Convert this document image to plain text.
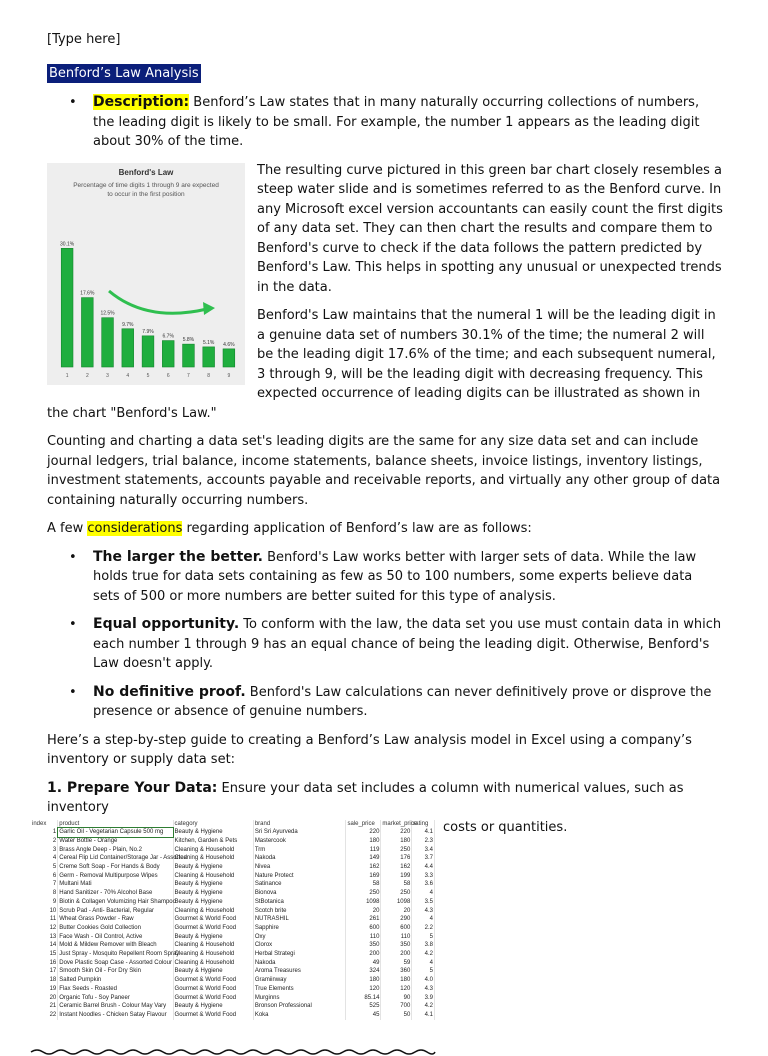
[Type here]

Benford’s Law Analysis
• Description: Benford’s Law states that in many naturally occurring collections of numbers, the leading digit is likely to be small. For example, the number 1 appears as the leading digit about 30% of the time.
Benford's Law
Percentage of time digits 1 through 9 are expected
to occur in the first position
30.1%
1
17.6%
2
12.5%
3
9.7%
4
7.9%
5
6.7%
6
5.8%
7
5.1%
8
4.6%
9

The resulting curve pictured in this green bar chart closely resembles a steep water slide and is sometimes referred to as the Benford curve. In any Microsoft excel version accountants can easily count the first digits of any data set. They can then chart the results and compare them to Benford's curve to check if the data follows the pattern predicted by Benford's Law. This helps in spotting any unusual or unexpected trends in the data.

Benford's Law maintains that the numeral 1 will be the leading digit in a genuine data set of numbers 30.1% of the time; the numeral 2 will be the leading digit 17.6% of the time; and each subsequent numeral, 3 through 9, will be the leading digit with decreasing frequency. This expected occurrence of leading digits can be illustrated as shown in the chart "Benford's Law."

Counting and charting a data set's leading digits are the same for any size data set and can include journal ledgers, trial balance, income statements, balance sheets, invoice listings, inventory listings, investment statements, accounts payable and receivable reports, and virtually any other group of data containing naturally occurring numbers.

A few considerations regarding application of Benford’s law are as follows:

• The larger the better. Benford's Law works better with larger sets of data. While the law holds true for data sets containing as few as 50 to 100 numbers, some experts believe data sets of 500 or more numbers are better suited for this type of analysis.
• Equal opportunity. To conform with the law, the data set you use must contain data in which each number 1 through 9 has an equal chance of being the leading digit. Otherwise, Benford's Law doesn't apply.
• No definitive proof. Benford's Law calculations can never definitively prove or disprove the presence or absence of genuine numbers.

Here’s a step-by-step guide to creating a Benford’s Law analysis model in Excel using a company’s inventory or supply data set:

1. Prepare Your Data: Ensure your data set includes a column with numerical values, such as inventory

index	product	category	brand	sale_price	market_price	rating
1	Garlic Oil - Vegetarian Capsule 500 mg	Beauty & Hygiene	Sri Sri Ayurveda	220	220	4.1
2	Water Bottle - Orange	Kitchen, Garden & Pets	Mastercook	180	180	2.3
3	Brass Angle Deep - Plain, No.2	Cleaning & Household	Trm	119	250	3.4
4	Cereal Flip Lid Container/Storage Jar - Assorted	Cleaning & Household	Nakoda	149	176	3.7
5	Creme Soft Soap - For Hands & Body	Beauty & Hygiene	Nivea	162	162	4.4
6	Germ - Removal Multipurpose Wipes	Cleaning & Household	Nature Protect	169	199	3.3
7	Multani Mati	Beauty & Hygiene	Satinance	58	58	3.6
8	Hand Sanitizer - 70% Alcohol Base	Beauty & Hygiene	Bionova	250	250	4
9	Biotin & Collagen Volumizing Hair Shampoo	Beauty & Hygiene	StBotanica	1098	1098	3.5
10	Scrub Pad - Anti- Bacterial, Regular	Cleaning & Household	Scotch brite	20	20	4.3
11	Wheat Grass Powder - Raw	Gourmet & World Food	NUTRASHIL	261	290	4
12	Butter Cookies Gold Collection	Gourmet & World Food	Sapphire	600	600	2.2
13	Face Wash - Oil Control, Active	Beauty & Hygiene	Oxy	110	110	5
14	Mold & Mildew Remover with Bleach	Cleaning & Household	Clorox	350	350	3.8
15	Just Spray - Mosquito Repellent Room Spray	Cleaning & Household	Herbal Strategi	200	200	4.2
16	Dove Plastic Soap Case - Assorted Colour	Cleaning & Household	Nakoda	49	59	4
17	Smooth Skin Oil - For Dry Skin	Beauty & Hygiene	Aroma Treasures	324	360	5
18	Salted Pumpkin	Gourmet & World Food	Gramiinway	180	180	4.0
19	Flax Seeds - Roasted	Gourmet & World Food	True Elements	120	120	4.3
20	Organic Tofu - Soy Paneer	Gourmet & World Food	Murginns	85.14	90	3.9
21	Ceramic Barrel Brush - Colour May Vary	Beauty & Hygiene	Bronson Professional	525	700	4.2
22	Instant Noodles - Chicken Satay Flavour	Gourmet & World Food	Koka	45	50	4.1

costs or quantities.
